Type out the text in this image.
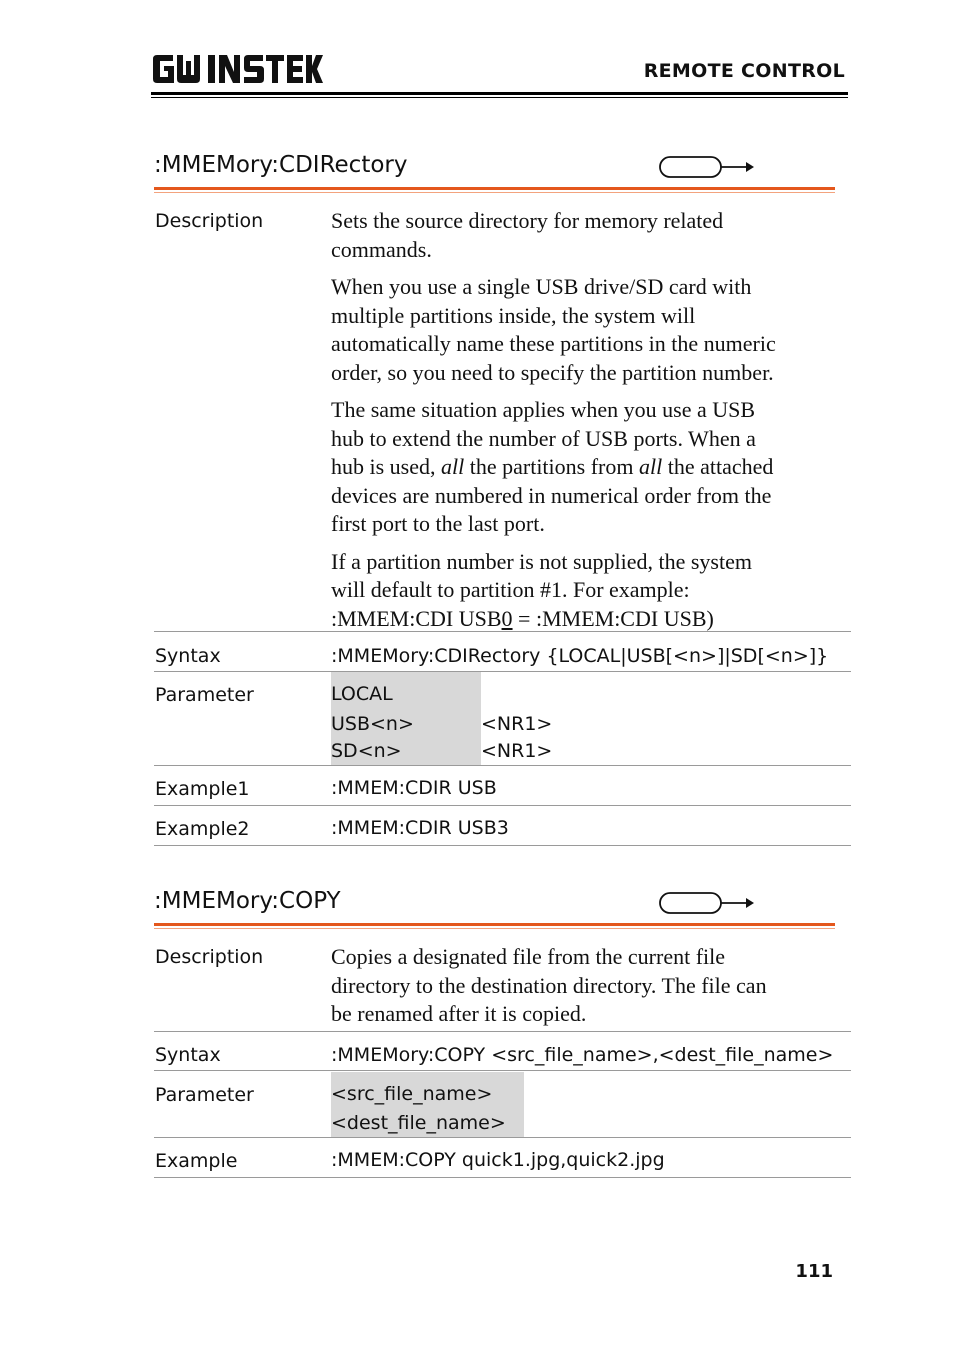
REMOTE CONTROL
:MMEMory:CDIRectory
Description	Sets the source directory for memory related commands.
When you use a single USB drive/SD card with
multiple partitions inside, the system will
automatically name these partitions in the numeric
order, so you need to specify the partition number.
The same situation applies when you use a USB
hub to extend the number of USB ports. When a
hub is used, all the partitions from all the attached
devices are numbered in numerical order from the
first port to the last port.
If a partition number is not supplied, the system
will default to partition #1. For example:
:MMEM:CDI USB0 = :MMEM:CDI USB)
Syntax	:MMEMory:CDIRectory {LOCAL|USB[<n>]|SD[<n>]}
Parameter	LOCAL
USB<n>	<NR1>
SD<n>	<NR1>
Example1	:MMEM:CDIR USB
Example2	:MMEM:CDIR USB3
:MMEMory:COPY
Description	Copies a designated file from the current file
directory to the destination directory. The file can
be renamed after it is copied.
Syntax	:MMEMory:COPY <src_file_name>,<dest_file_name>
Parameter	<src_file_name>
<dest_file_name>
Example	:MMEM:COPY quick1.jpg,quick2.jpg
111
